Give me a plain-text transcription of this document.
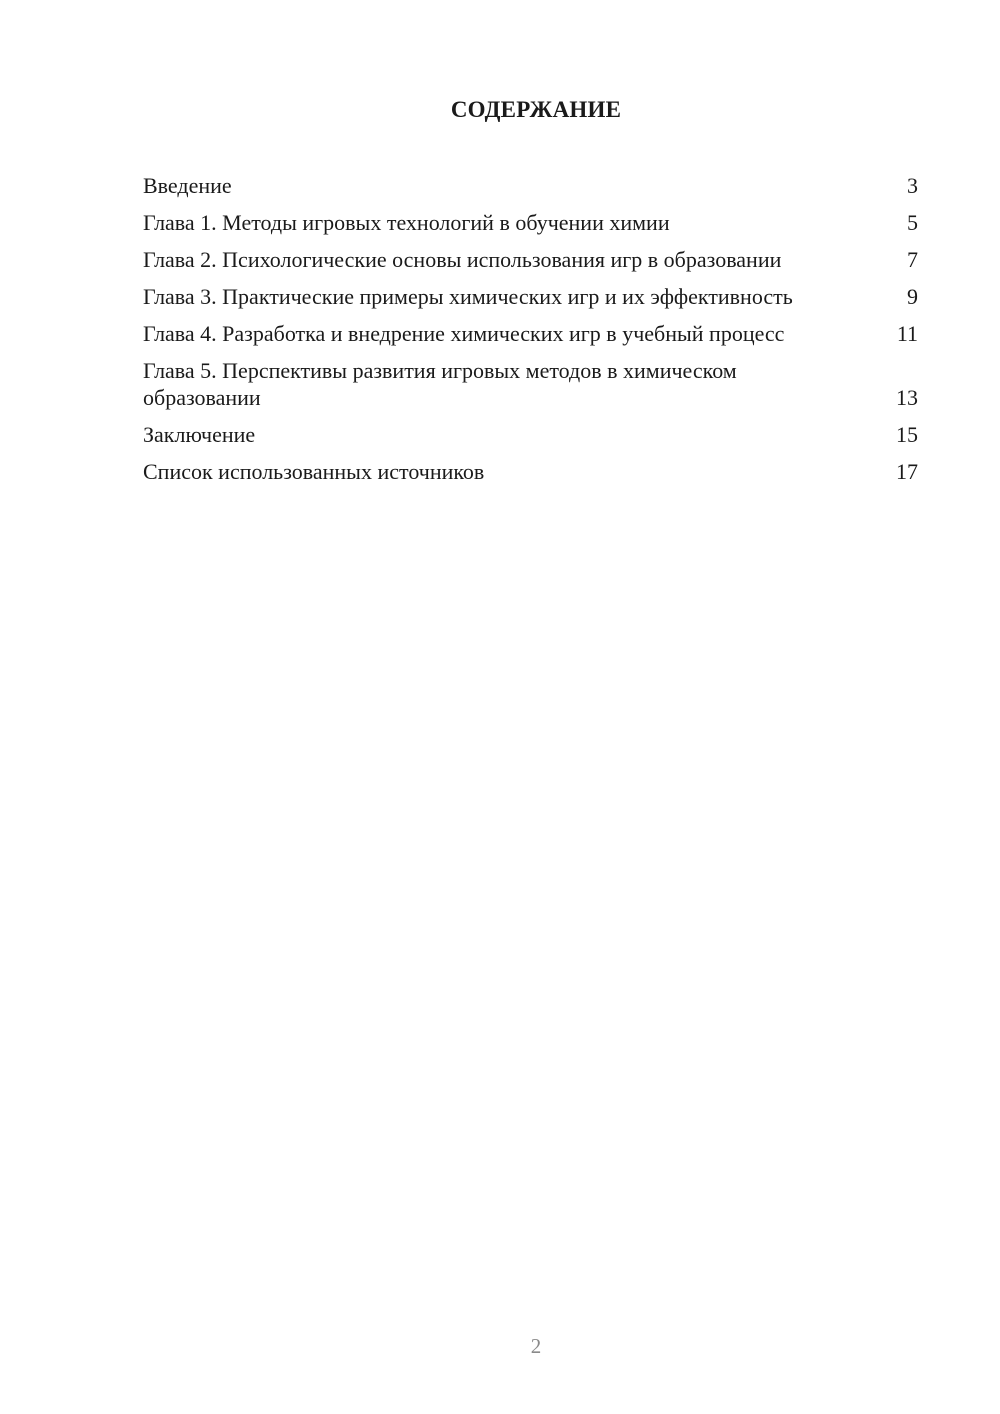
СОДЕРЖАНИЕ
Введение	3
Глава 1. Методы игровых технологий в обучении химии	5
Глава 2. Психологические основы использования игр в образовании	7
Глава 3. Практические примеры химических игр и их эффективность	9
Глава 4. Разработка и внедрение химических игр в учебный процесс	11
Глава 5. Перспективы развития игровых методов в химическом образовании	13
Заключение	15
Список использованных источников	17
2
